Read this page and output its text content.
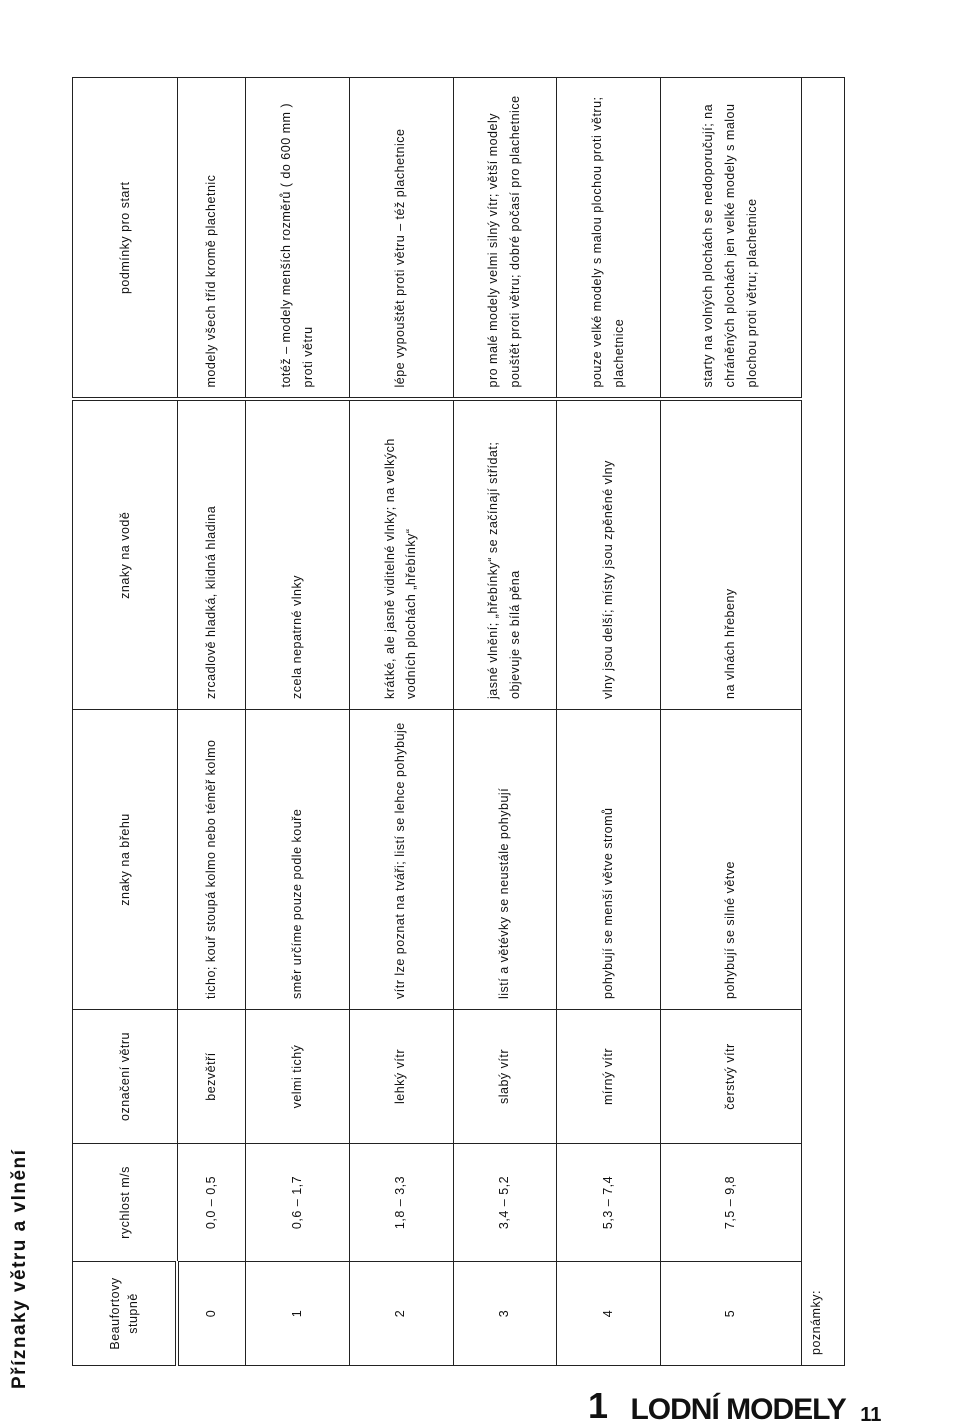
Příznaky větru a vlnění	Beaufortovy stupně	rychlost m/s	označení větru	znaky na břehu	znaky na vodě	podmínky pro start
0	0,0 – 0,5	bezvětří	ticho; kouř stoupá kolmo nebo téměř kolmo	zrcadlově hladká, klidná hladina	modely všech tříd kromě plachetnic
1	0,6 – 1,7	velmi tichý	směr určíme pouze podle kouře	zcela nepatrné vlnky	totéž – modely menších rozměrů ( do 600 mm ) proti větru
2	1,8 – 3,3	lehký vítr	vítr lze poznat na tváři; listí se lehce pohybuje	krátké, ale jasně viditelné vlnky; na velkých vodních plochách „hřebínky“	lépe vypouštět proti větru – též plachetnice
3	3,4 – 5,2	slabý vítr	listí a větévky se neustále pohybují	jasné vlnění; „hřebínky“ se začínají střídat; objevuje se bílá pěna	pro malé modely velmi silný vítr; větší modely pouštět proti větru; dobré počasí pro plachetnice
4	5,3 – 7,4	mírný vítr	pohybují se menší větve stromů	vlny jsou delší; místy jsou zpěněné vlny	pouze velké modely s malou plochou proti větru; plachetnice
5	7,5 – 9,8	čerstvý vítr	pohybují se silné větve	na vlnách hřebeny	starty na volných plochách se nedoporučují; na chráněných plochách jen velké modely s malou plochou proti větru; plachetnice
poznámky:					
1 LODNÍ MODELY 11
